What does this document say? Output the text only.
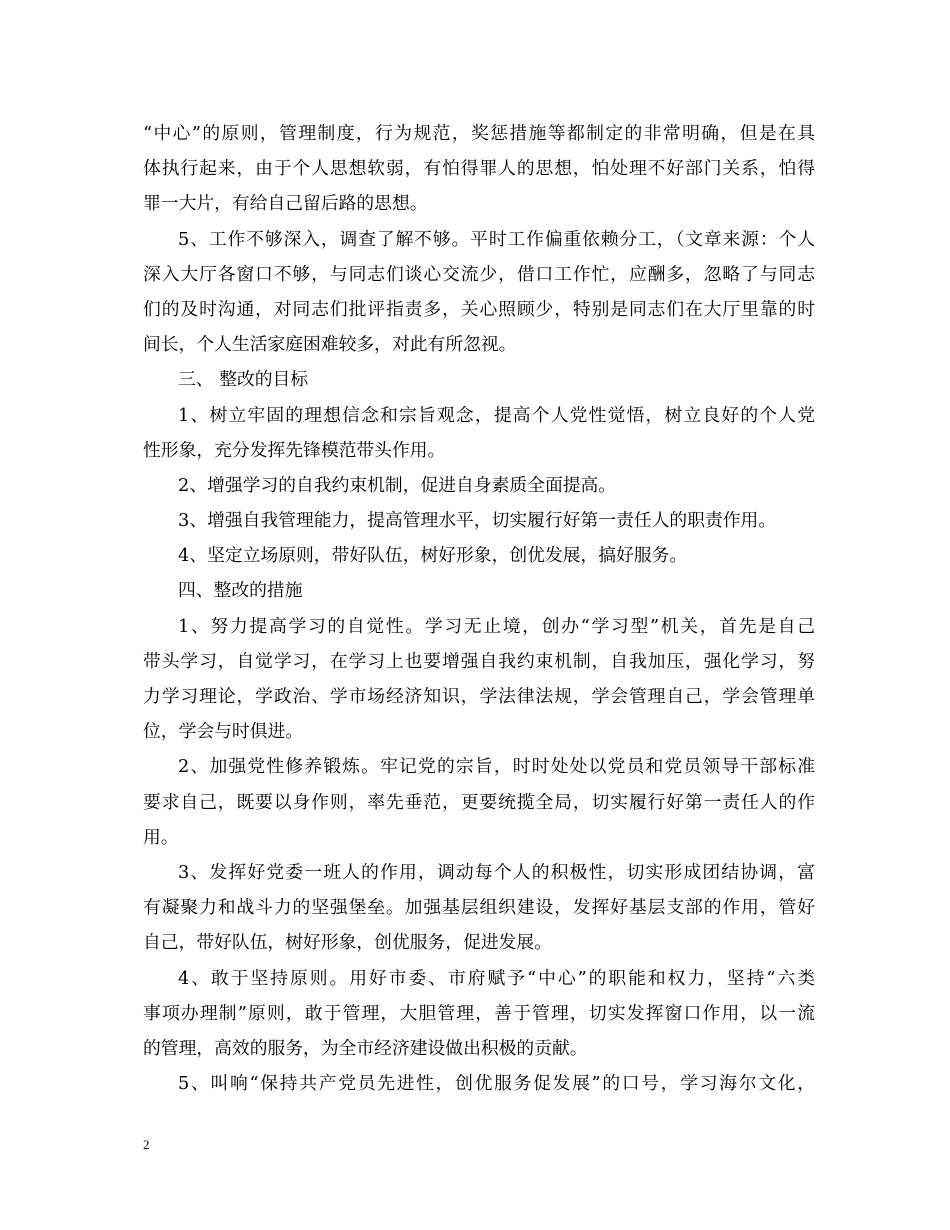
“中心”的原则，管理制度，行为规范，奖惩措施等都制定的非常明确，但是在具
体执行起来，由于个人思想软弱，有怕得罪人的思想，怕处理不好部门关系，怕得
罪一大片，有给自己留后路的思想。
5、工作不够深入，调查了解不够。平时工作偏重依赖分工，（文章来源：个人
深入大厅各窗口不够，与同志们谈心交流少，借口工作忙，应酬多，忽略了与同志
们的及时沟通，对同志们批评指责多，关心照顾少，特别是同志们在大厅里靠的时
间长，个人生活家庭困难较多，对此有所忽视。
三、 整改的目标
1、树立牢固的理想信念和宗旨观念，提高个人党性觉悟，树立良好的个人党
性形象，充分发挥先锋模范带头作用。
2、增强学习的自我约束机制，促进自身素质全面提高。
3、增强自我管理能力，提高管理水平，切实履行好第一责任人的职责作用。
4、坚定立场原则，带好队伍，树好形象，创优发展，搞好服务。
四、整改的措施
1、努力提高学习的自觉性。学习无止境，创办“学习型”机关，首先是自己
带头学习，自觉学习，在学习上也要增强自我约束机制，自我加压，强化学习，努
力学习理论，学政治、学市场经济知识，学法律法规，学会管理自己，学会管理单
位，学会与时俱进。
2、加强党性修养锻炼。牢记党的宗旨，时时处处以党员和党员领导干部标准
要求自己，既要以身作则，率先垂范，更要统揽全局，切实履行好第一责任人的作
用。
3、发挥好党委一班人的作用，调动每个人的积极性，切实形成团结协调，富
有凝聚力和战斗力的坚强堡垒。加强基层组织建设，发挥好基层支部的作用，管好
自己，带好队伍，树好形象，创优服务，促进发展。
4、敢于坚持原则。用好市委、市府赋予“中心”的职能和权力，坚持“六类
事项办理制”原则，敢于管理，大胆管理，善于管理，切实发挥窗口作用，以一流
的管理，高效的服务，为全市经济建设做出积极的贡献。
5、叫响“保持共产党员先进性，创优服务促发展”的口号，学习海尔文化，
2
